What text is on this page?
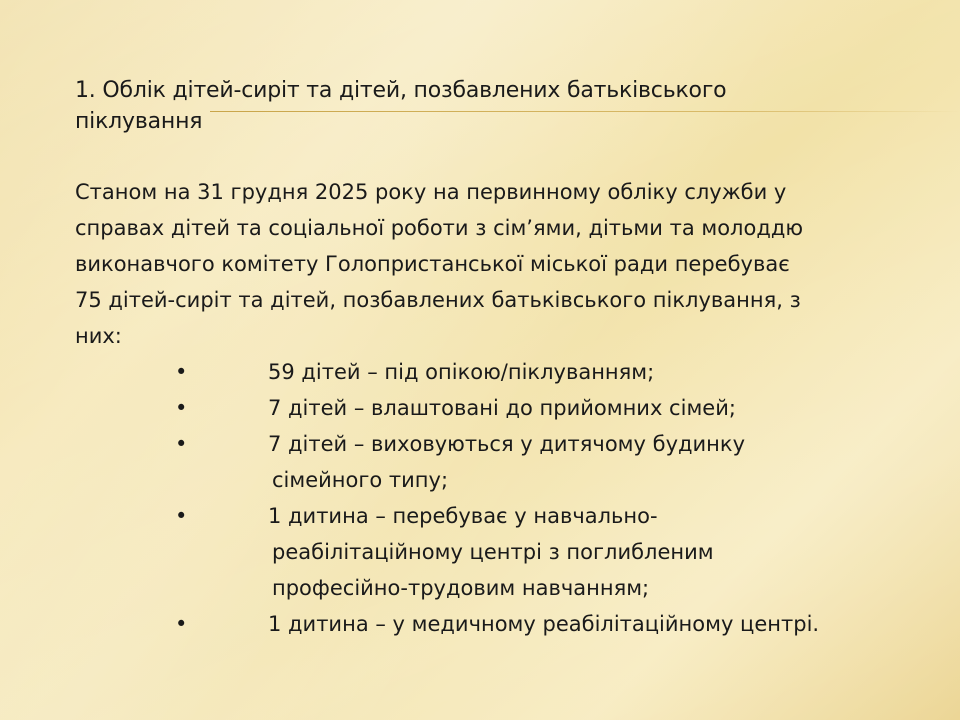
1. Облік дітей-сиріт та дітей, позбавлених батьківського
піклування

Станом на 31 грудня 2025 року на первинному обліку служби у
справах дітей та соціальної роботи з сім’ями, дітьми та молоддю
виконавчого комітету Голопристанської міської ради перебуває
75 дітей-сиріт та дітей, позбавлених батьківського піклування, з
них:

•	59 дітей – під опікою/піклуванням;
•	7 дітей – влаштовані до прийомних сімей;
•	7 дітей – виховуються у дитячому будинку
сімейного типу;
•	1 дитина – перебуває у навчально-
реабілітаційному центрі з поглибленим
професійно-трудовим навчанням;
•	1 дитина – у медичному реабілітаційному центрі.
